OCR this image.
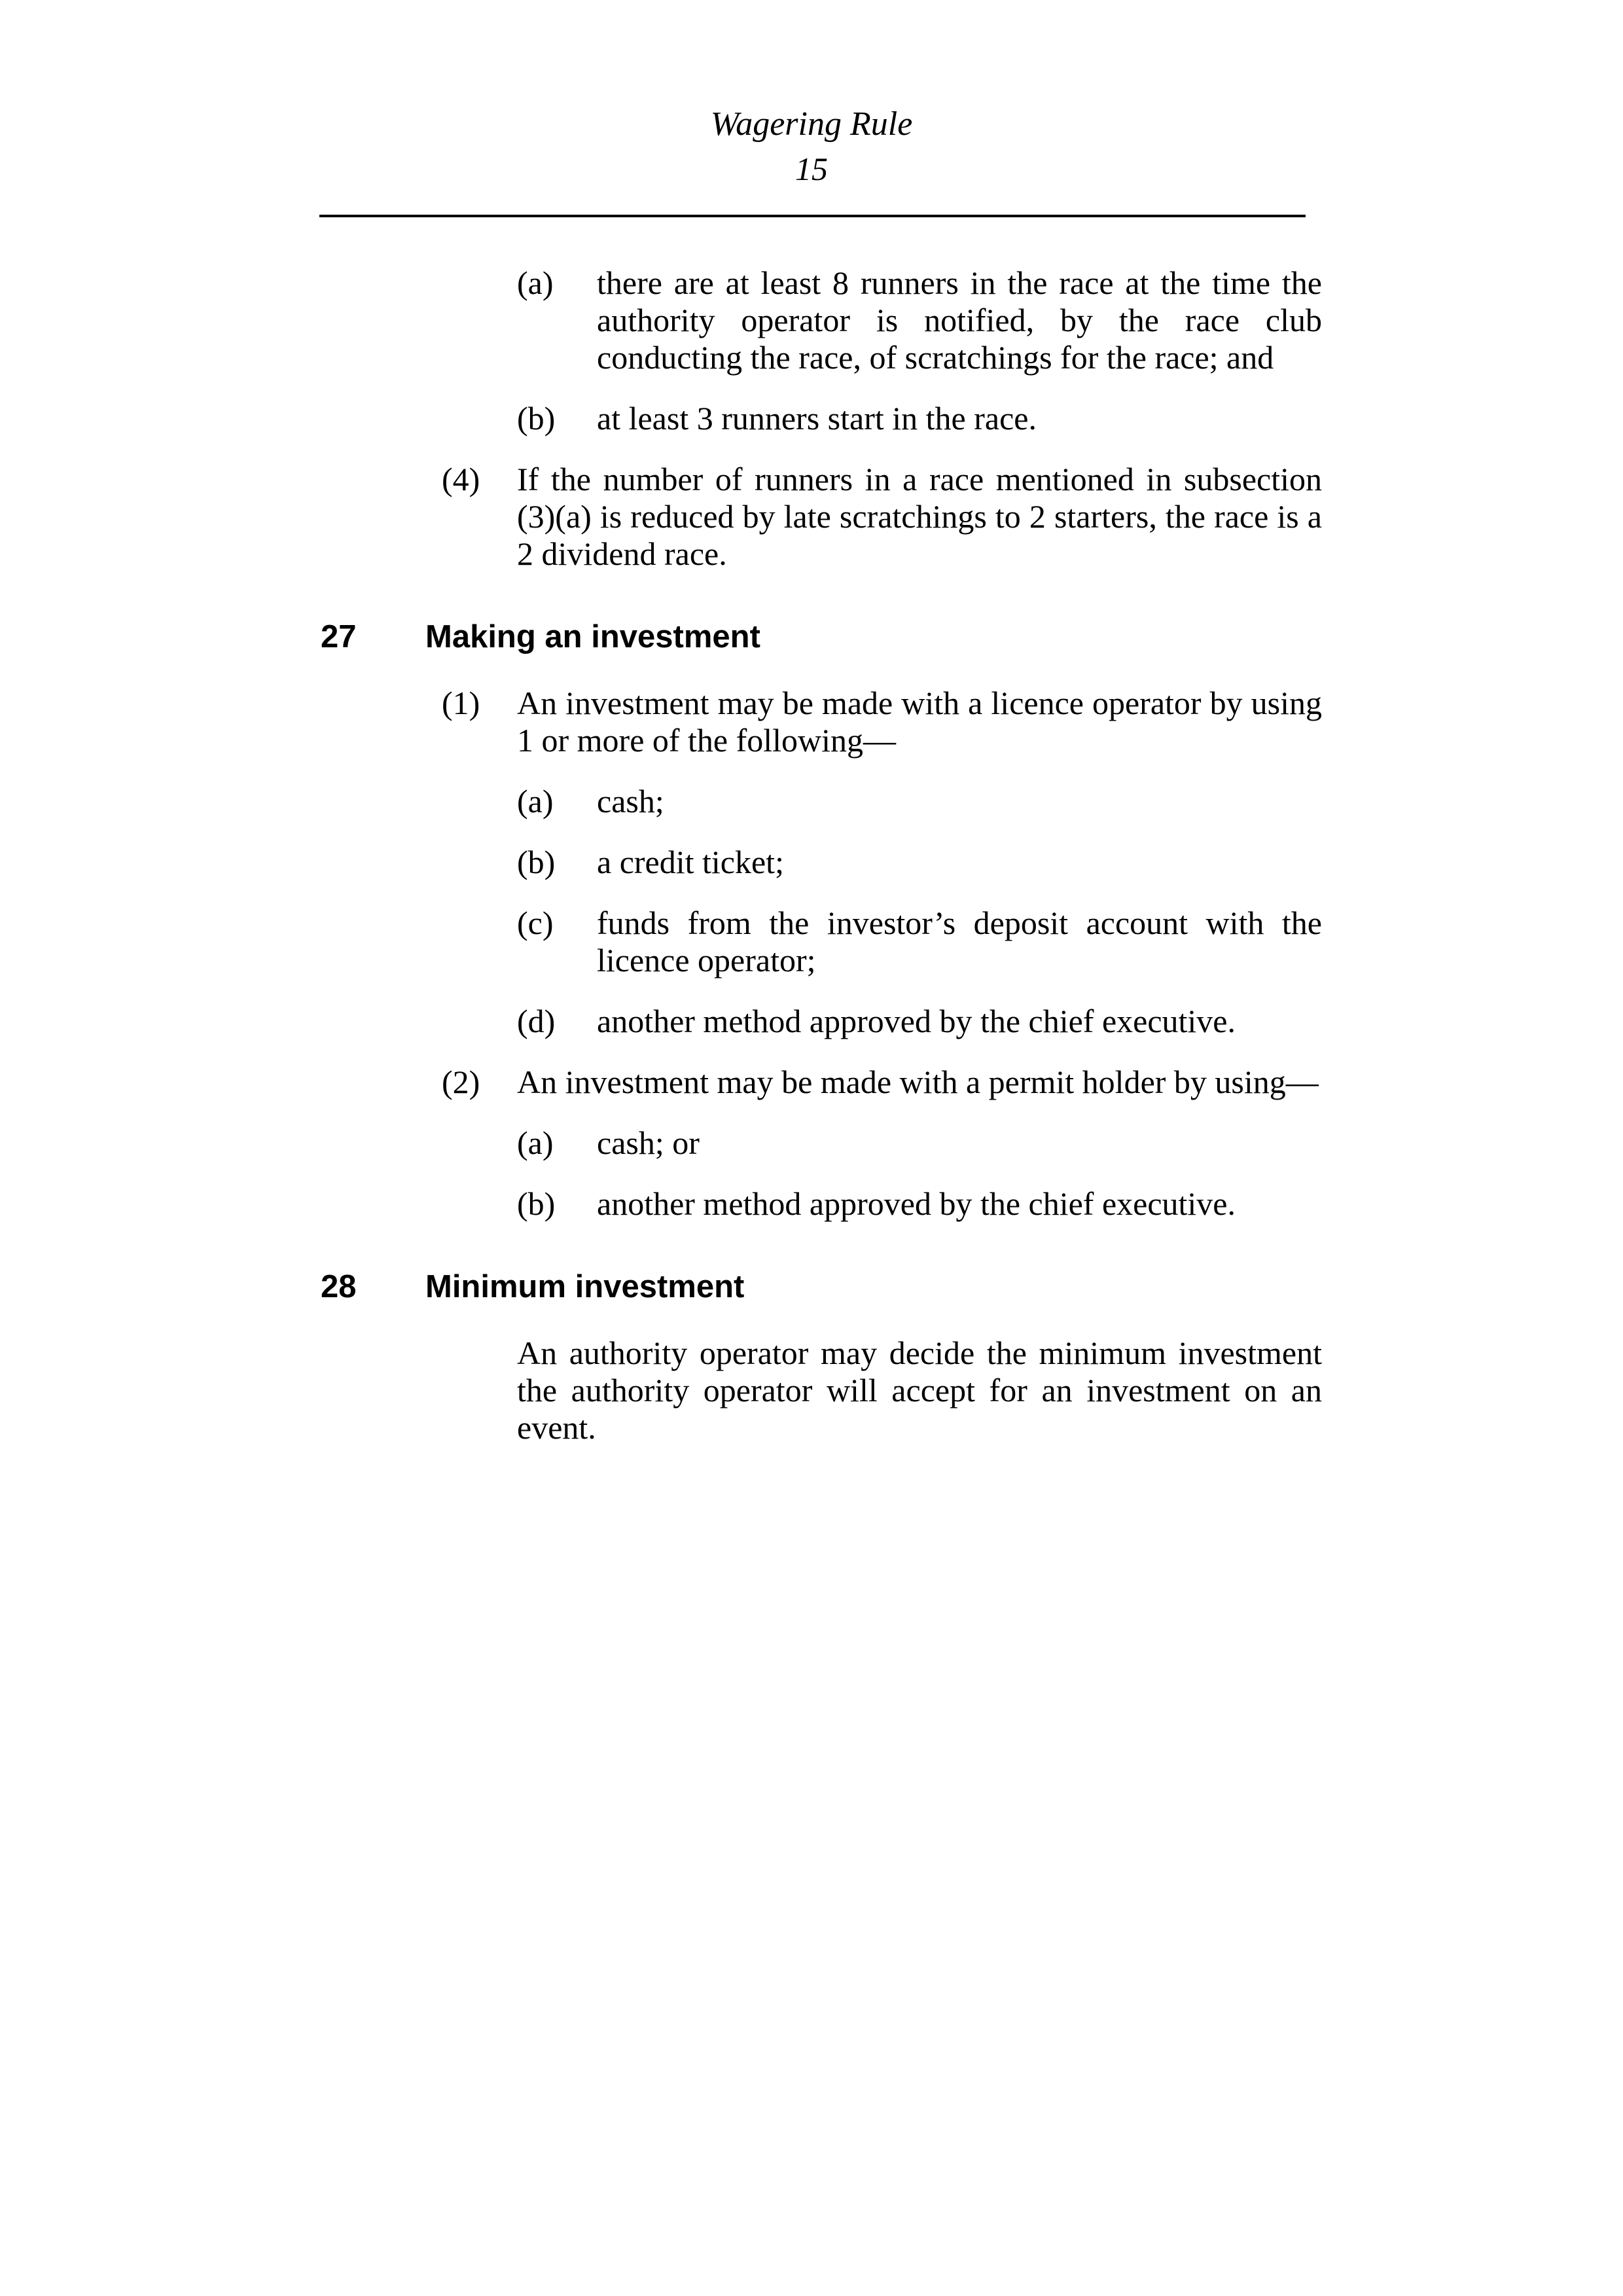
Wagering Rule
15
(a)	there are at least 8 runners in the race at the time the authority operator is notified, by the race club conducting the race, of scratchings for the race; and
(b)	at least 3 runners start in the race.
(4)	If the number of runners in a race mentioned in subsection (3)(a) is reduced by late scratchings to 2 starters, the race is a 2 dividend race.
27	Making an investment
(1)	An investment may be made with a licence operator by using 1 or more of the following—
(a)	cash;
(b)	a credit ticket;
(c)	funds from the investor’s deposit account with the licence operator;
(d)	another method approved by the chief executive.
(2)	An investment may be made with a permit holder by using—
(a)	cash; or
(b)	another method approved by the chief executive.
28	Minimum investment
An authority operator may decide the minimum investment the authority operator will accept for an investment on an event.
